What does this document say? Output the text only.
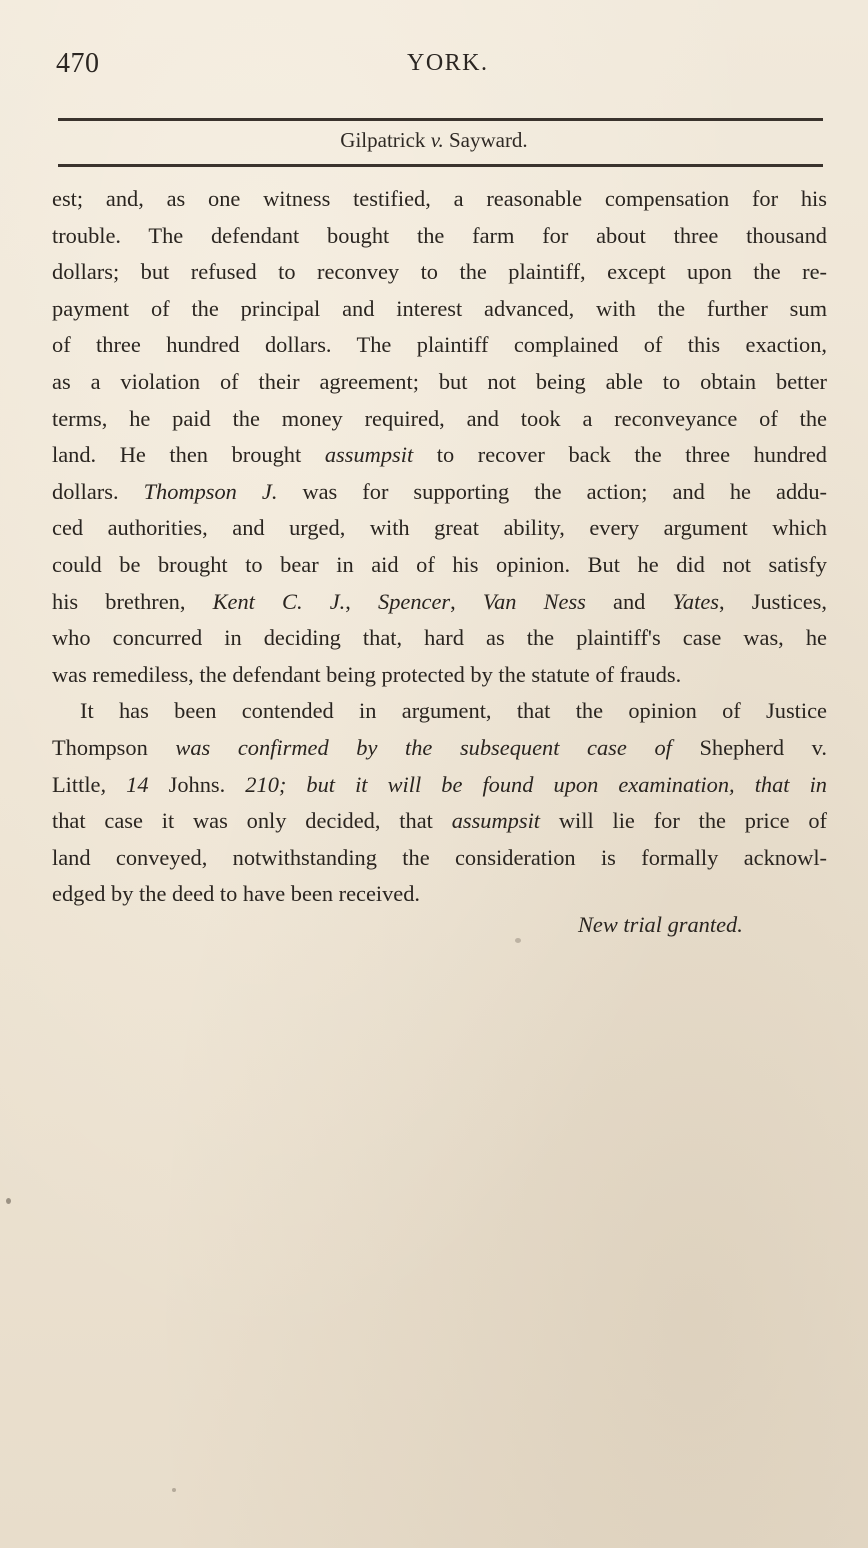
470	YORK.
Gilpatrick v. Sayward.
est; and, as one witness testified, a reasonable compensation for his
trouble. The defendant bought the farm for about three thousand
dollars; but refused to reconvey to the plaintiff, except upon the re-
payment of the principal and interest advanced, with the further sum
of three hundred dollars. The plaintiff complained of this exaction,
as a violation of their agreement; but not being able to obtain better
terms, he paid the money required, and took a reconveyance of the
land. He then brought assumpsit to recover back the three hundred
dollars. Thompson J. was for supporting the action; and he addu-
ced authorities, and urged, with great ability, every argument which
could be brought to bear in aid of his opinion. But he did not satisfy
his brethren, Kent C. J., Spencer, Van Ness and Yates, Justices,
who concurred in deciding that, hard as the plaintiff's case was, he
was remediless, the defendant being protected by the statute of frauds.
It has been contended in argument, that the opinion of Justice
Thompson was confirmed by the subsequent case of Shepherd v.
Little, 14 Johns. 210; but it will be found upon examination, that in
that case it was only decided, that assumpsit will lie for the price of
land conveyed, notwithstanding the consideration is formally acknowl-
edged by the deed to have been received.
New trial granted.
